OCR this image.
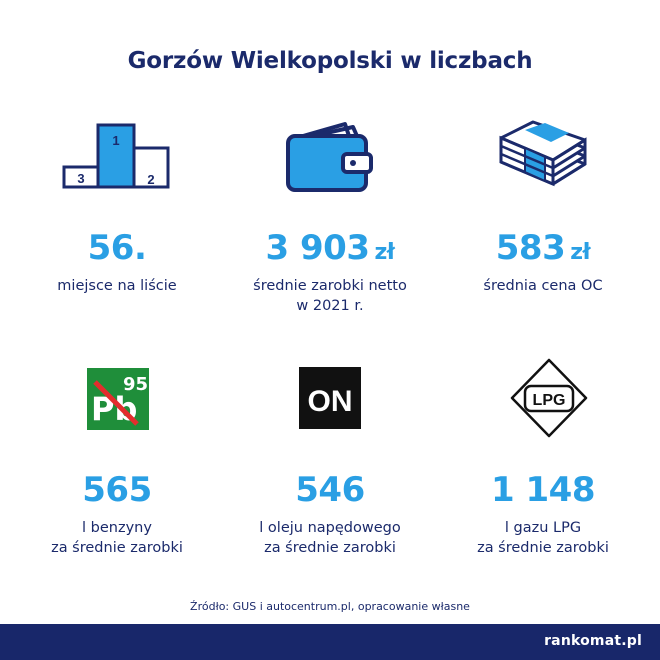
Gorzów Wielkopolski w liczbach
1
2
3
56.
miejsce na liście
3 903 zł
średnie zarobki netto
w 2021 r.
583 zł
średnia cena OC
Pb
95
565
l benzyny
za średnie zarobki
ON
546
l oleju napędowego
za średnie zarobki
LPG
1 148
l gazu LPG
za średnie zarobki
Źródło: GUS i autocentrum.pl, opracowanie własne
rankomat.pl
